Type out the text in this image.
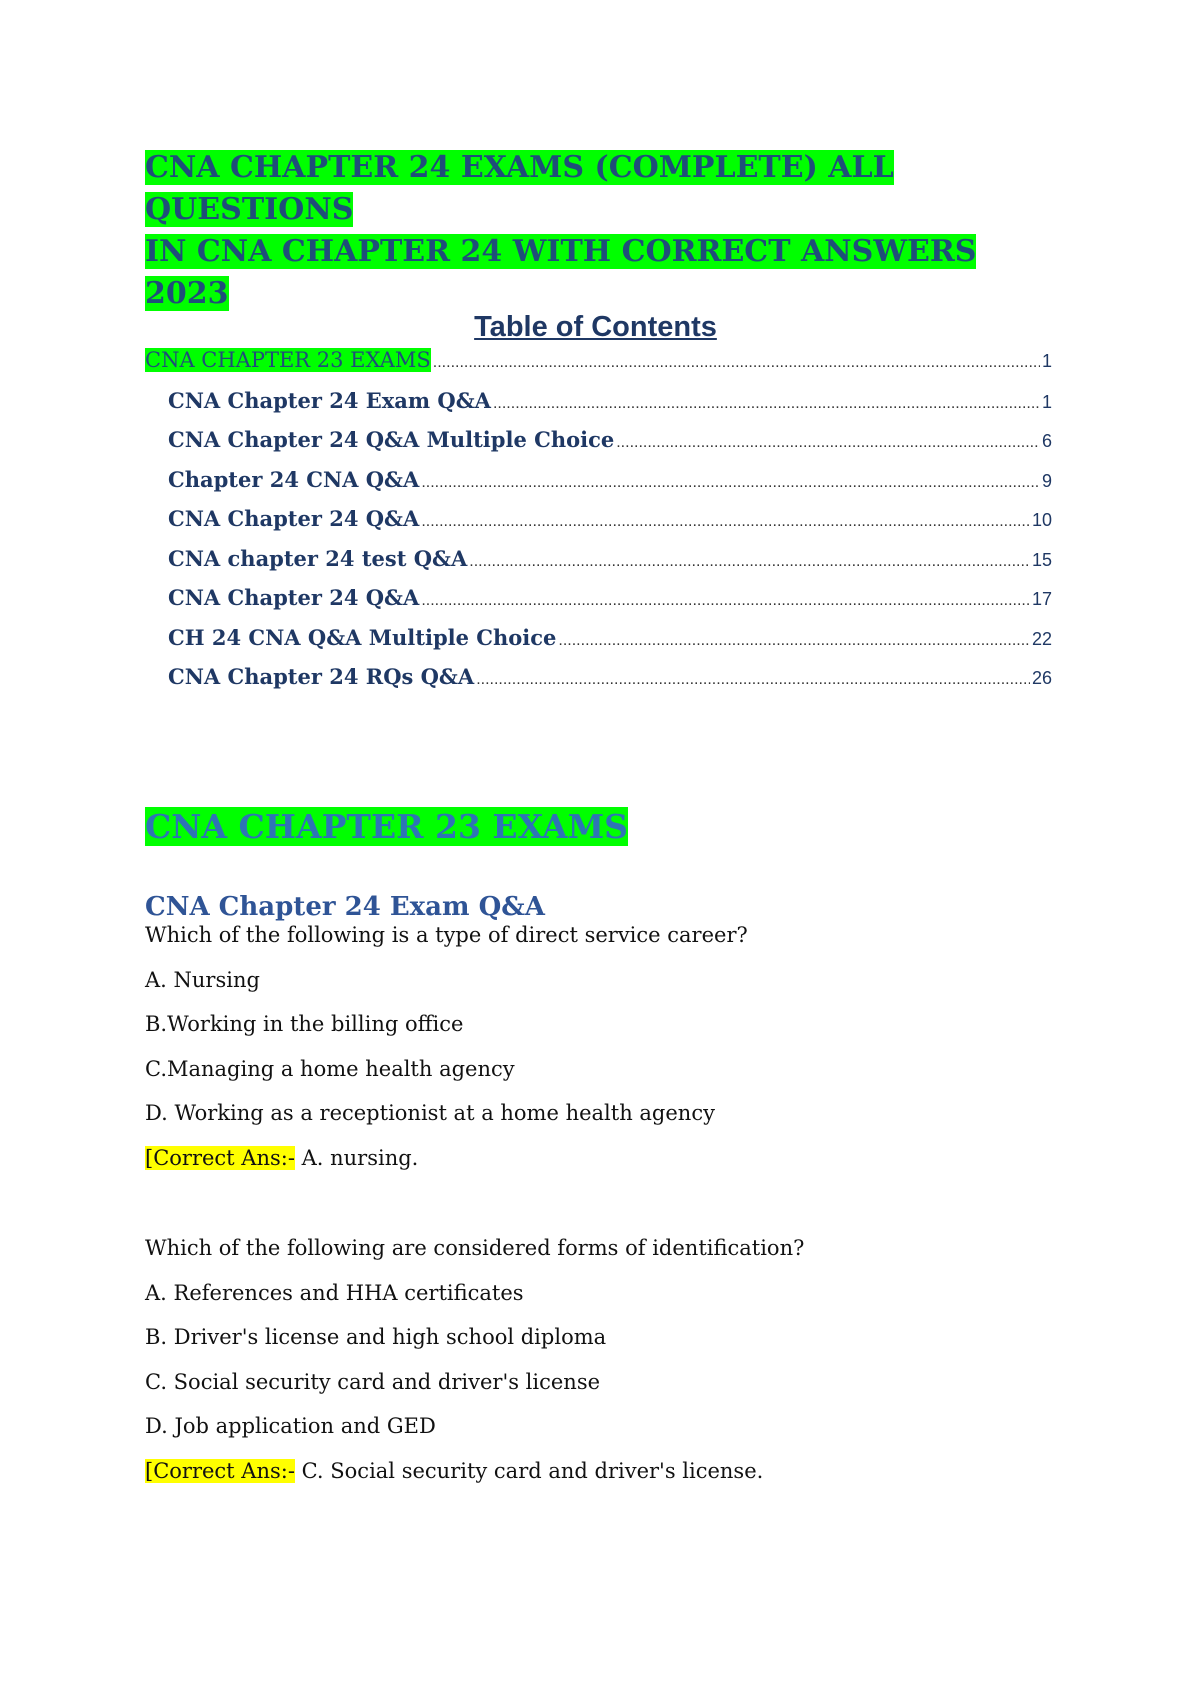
CNA CHAPTER 24 EXAMS (COMPLETE) ALL QUESTIONS
IN CNA CHAPTER 24 WITH CORRECT ANSWERS 2023
Table of Contents
CNA CHAPTER 23 EXAMS .....	1
CNA Chapter 24 Exam Q&A .....	1
CNA Chapter 24 Q&A Multiple Choice .....	6
Chapter 24 CNA Q&A .....	9
CNA Chapter 24 Q&A .....	10
CNA chapter 24 test Q&A .....	15
CNA Chapter 24 Q&A .....	17
CH 24 CNA Q&A Multiple Choice .....	22
CNA Chapter 24 RQs Q&A .....	26
CNA CHAPTER 23 EXAMS
CNA Chapter 24 Exam Q&A

Which of the following is a type of direct service career?

A. Nursing

B.Working in the billing office

C.Managing a home health agency

D. Working as a receptionist at a home health agency

[Correct Ans:- A. nursing.

Which of the following are considered forms of identification?

A. References and HHA certificates

B. Driver's license and high school diploma

C. Social security card and driver's license

D. Job application and GED

[Correct Ans:- C. Social security card and driver's license.
